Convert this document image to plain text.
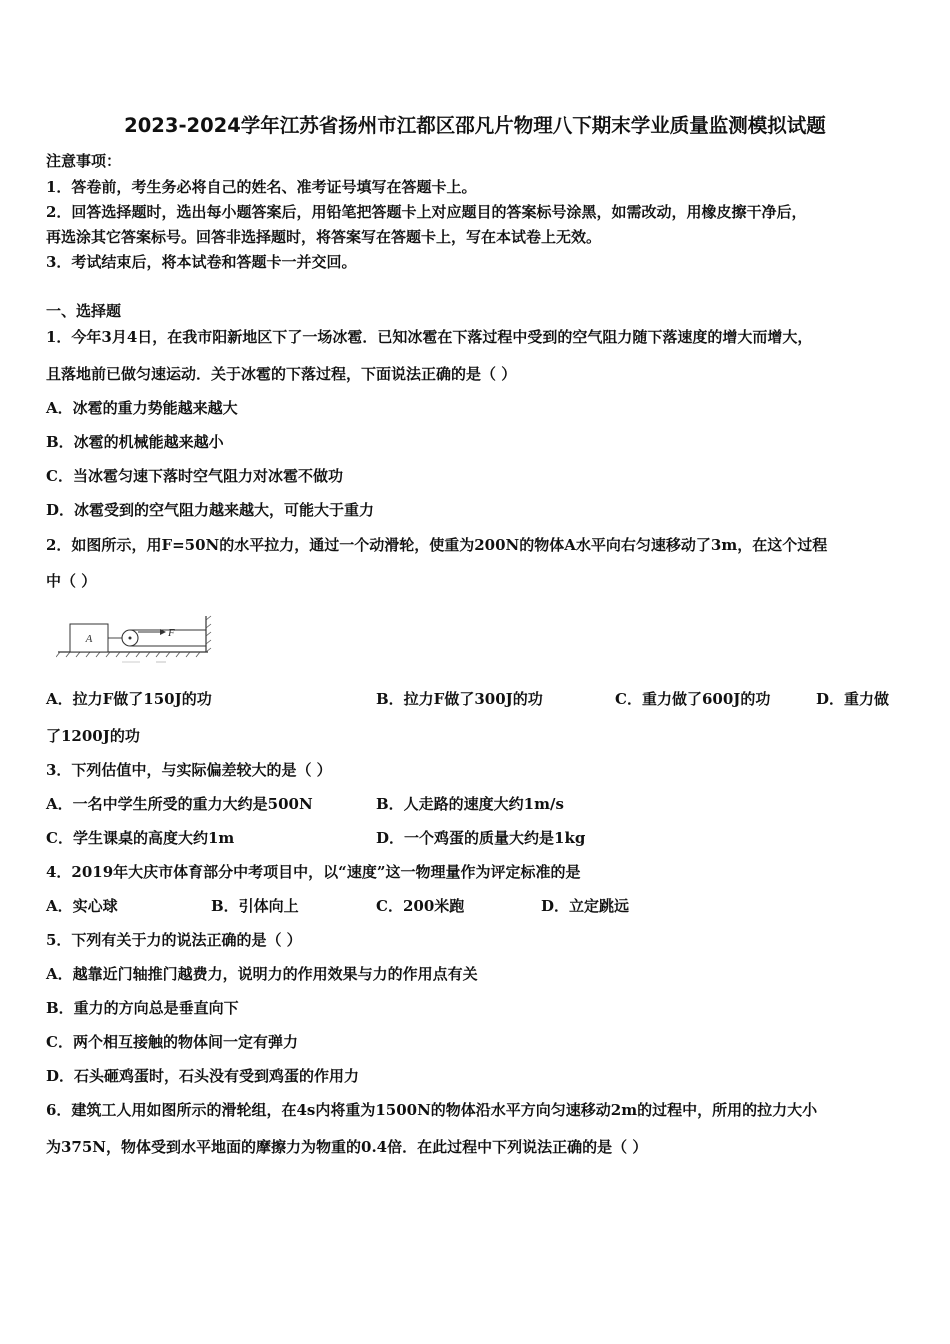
2023-2024学年江苏省扬州市江都区邵凡片物理八下期末学业质量监测模拟试题
注意事项：
1．答卷前，考生务必将自己的姓名、准考证号填写在答题卡上。
2．回答选择题时，选出每小题答案后，用铅笔把答题卡上对应题目的答案标号涂黑，如需改动，用橡皮擦干净后，
再选涂其它答案标号。回答非选择题时，将答案写在答题卡上，写在本试卷上无效。
3．考试结束后，将本试卷和答题卡一并交回。
一、选择题
1．今年3月4日，在我市阳新地区下了一场冰雹．已知冰雹在下落过程中受到的空气阻力随下落速度的增大而增大，
且落地前已做匀速运动．关于冰雹的下落过程，下面说法正确的是（ ）
A．冰雹的重力势能越来越大
B．冰雹的机械能越来越小
C．当冰雹匀速下落时空气阻力对冰雹不做功
D．冰雹受到的空气阻力越来越大，可能大于重力
2．如图所示，用F=50N的水平拉力，通过一个动滑轮，使重为200N的物体A水平向右匀速移动了3m，在这个过程
中（ ）
A	F
A．拉力F做了150J的功	B．拉力F做了300J的功	C．重力做了600J的功	D．重力做
了1200J的功
3．下列估值中，与实际偏差较大的是（ ）
A．一名中学生所受的重力大约是500N	B．人走路的速度大约1m/s
C．学生课桌的高度大约1m	D．一个鸡蛋的质量大约是1kg
4．2019年大庆市体育部分中考项目中，以“速度”这一物理量作为评定标准的是
A．实心球	B．引体向上	C．200米跑	D．立定跳远
5．下列有关于力的说法正确的是（ ）
A．越靠近门轴推门越费力，说明力的作用效果与力的作用点有关
B．重力的方向总是垂直向下
C．两个相互接触的物体间一定有弹力
D．石头砸鸡蛋时，石头没有受到鸡蛋的作用力
6．建筑工人用如图所示的滑轮组，在4s内将重为1500N的物体沿水平方向匀速移动2m的过程中，所用的拉力大小
为375N，物体受到水平地面的摩擦力为物重的0.4倍．在此过程中下列说法正确的是（ ）
